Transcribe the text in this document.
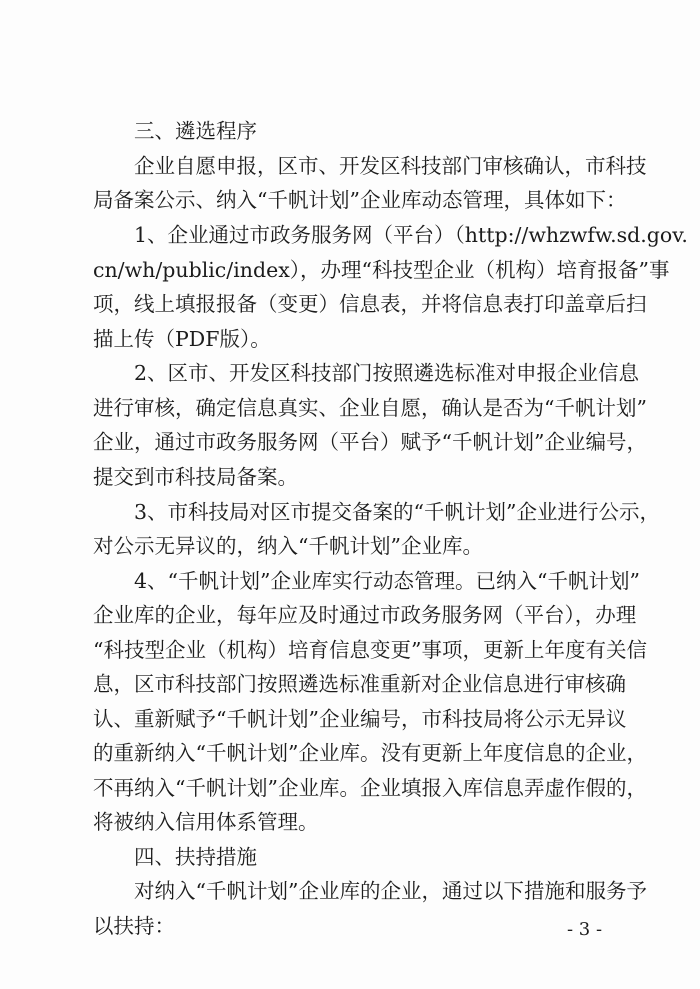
三、遴选程序
企业自愿申报，区市、开发区科技部门审核确认，市科技
局备案公示、纳入“千帆计划”企业库动态管理，具体如下：
1、企业通过市政务服务网（平台）（http://whzwfw.sd.gov.
cn/wh/public/index），办理“科技型企业（机构）培育报备”事
项，线上填报报备（变更）信息表，并将信息表打印盖章后扫
描上传（PDF版）。
2、区市、开发区科技部门按照遴选标准对申报企业信息
进行审核，确定信息真实、企业自愿，确认是否为“千帆计划”
企业，通过市政务服务网（平台）赋予“千帆计划”企业编号，
提交到市科技局备案。
3、市科技局对区市提交备案的“千帆计划”企业进行公示，
对公示无异议的，纳入“千帆计划”企业库。
4、“千帆计划”企业库实行动态管理。已纳入“千帆计划”
企业库的企业，每年应及时通过市政务服务网（平台），办理
“科技型企业（机构）培育信息变更”事项，更新上年度有关信
息，区市科技部门按照遴选标准重新对企业信息进行审核确
认、重新赋予“千帆计划”企业编号，市科技局将公示无异议
的重新纳入“千帆计划”企业库。没有更新上年度信息的企业，
不再纳入“千帆计划”企业库。企业填报入库信息弄虚作假的，
将被纳入信用体系管理。
四、扶持措施
对纳入“千帆计划”企业库的企业，通过以下措施和服务予
以扶持：	- 3 -
